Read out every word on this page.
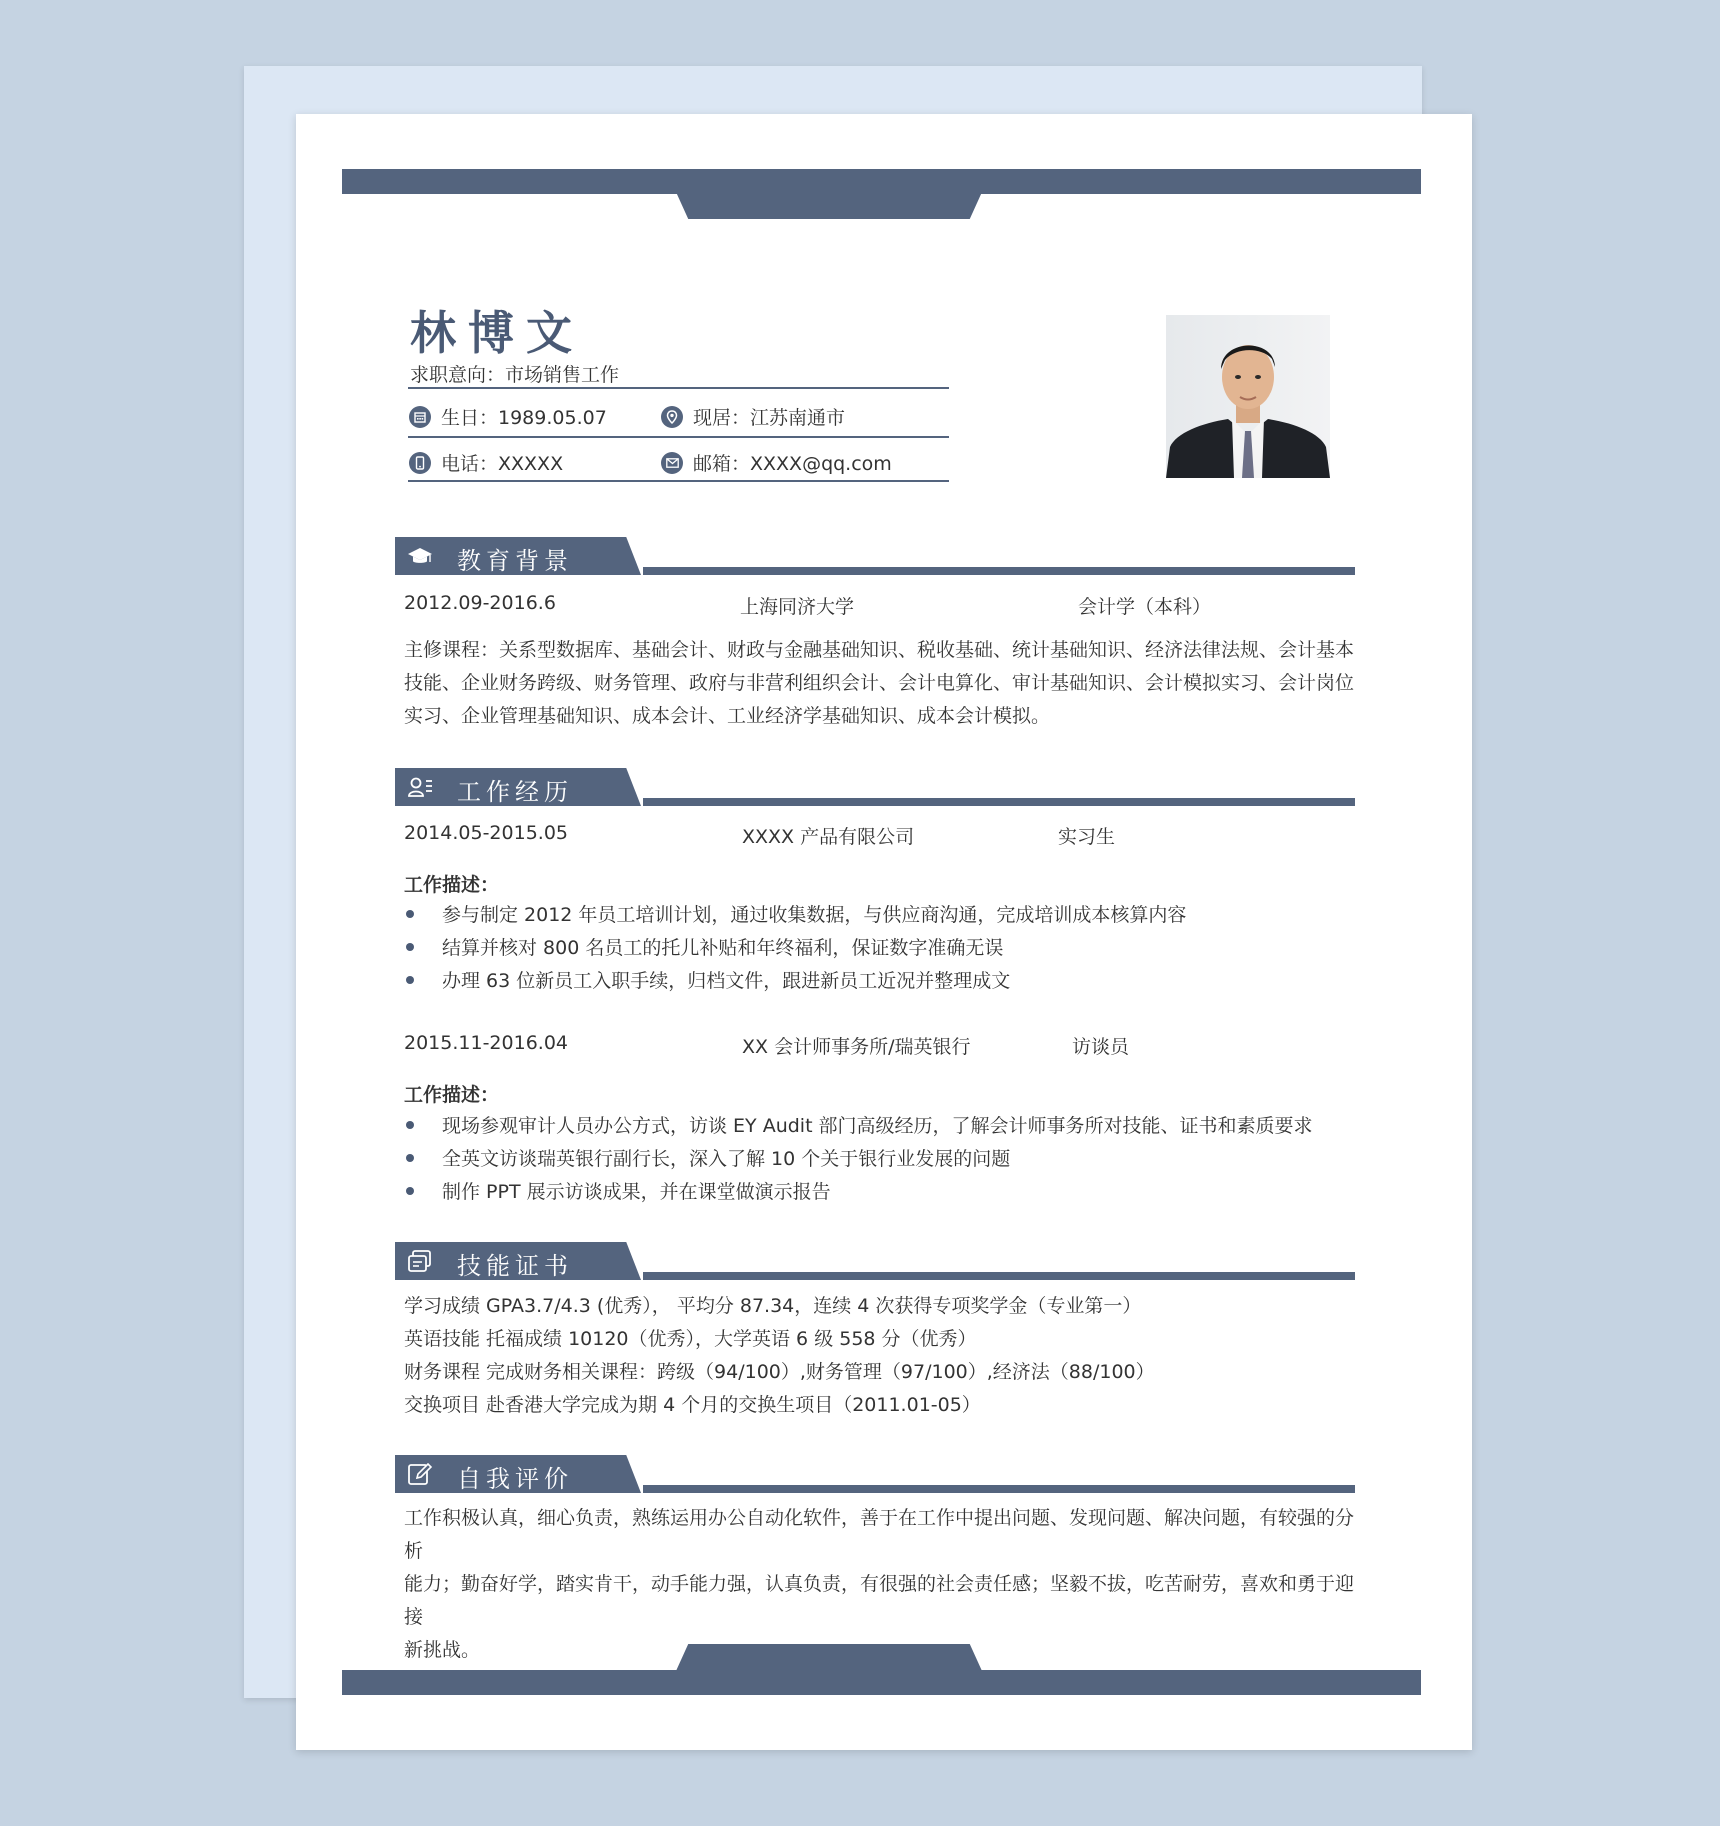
林博文
求职意向：市场销售工作
生日：1989.05.07	现居：江苏南通市
电话：XXXXX	邮箱：XXXX@qq.com
教育背景
2012.09-2016.6	上海同济大学	会计学（本科）
主修课程：关系型数据库、基础会计、财政与金融基础知识、税收基础、统计基础知识、经济法律法规、会计基本
技能、企业财务跨级、财务管理、政府与非营利组织会计、会计电算化、审计基础知识、会计模拟实习、会计岗位
实习、企业管理基础知识、成本会计、工业经济学基础知识、成本会计模拟。
工作经历
2014.05-2015.05	XXXX 产品有限公司	实习生
工作描述：
参与制定 2012 年员工培训计划，通过收集数据，与供应商沟通，完成培训成本核算内容
结算并核对 800 名员工的托儿补贴和年终福利，保证数字准确无误
办理 63 位新员工入职手续，归档文件，跟进新员工近况并整理成文
2015.11-2016.04	XX 会计师事务所/瑞英银行	访谈员
工作描述：
现场参观审计人员办公方式，访谈 EY Audit 部门高级经历，了解会计师事务所对技能、证书和素质要求
全英文访谈瑞英银行副行长，深入了解 10 个关于银行业发展的问题
制作 PPT 展示访谈成果，并在课堂做演示报告
技能证书
学习成绩 GPA3.7/4.3 (优秀）， 平均分 87.34，连续 4 次获得专项奖学金（专业第一）
英语技能 托福成绩 10120（优秀），大学英语 6 级 558 分（优秀）
财务课程 完成财务相关课程：跨级（94/100）,财务管理（97/100）,经济法（88/100）
交换项目 赴香港大学完成为期 4 个月的交换生项目（2011.01-05）
自我评价
工作积极认真，细心负责，熟练运用办公自动化软件，善于在工作中提出问题、发现问题、解决问题，有较强的分析
能力；勤奋好学，踏实肯干，动手能力强，认真负责，有很强的社会责任感；坚毅不拔，吃苦耐劳，喜欢和勇于迎接
新挑战。
